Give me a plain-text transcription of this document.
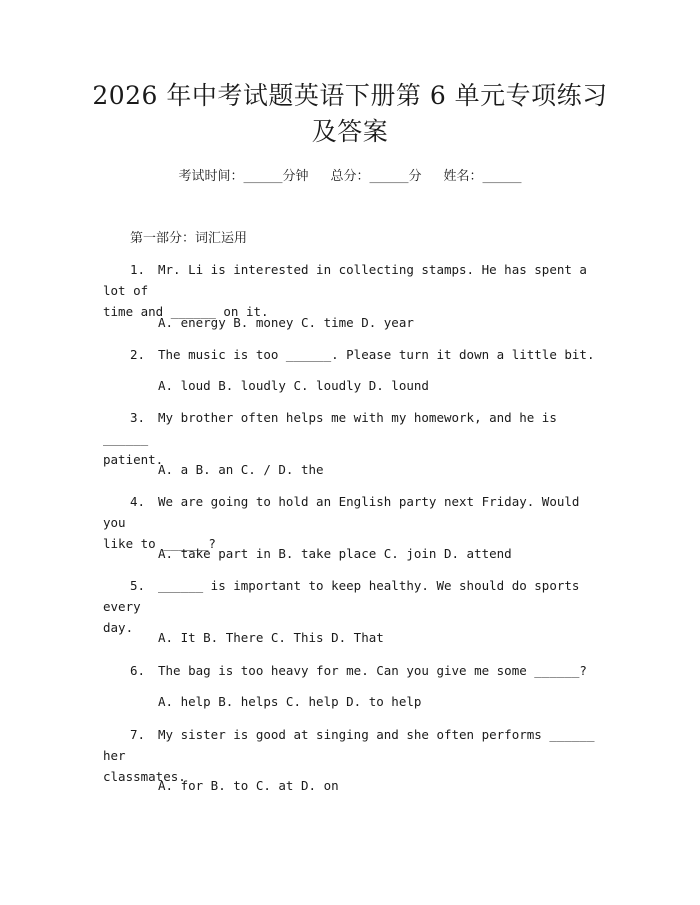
2026 年中考试题英语下册第 6 单元专项练习
及答案
考试时间：______分钟 总分：______分 姓名：______
第一部分：词汇运用
1. Mr. Li is interested in collecting stamps. He has spent a lot of
time and ______ on it.
A. energy B. money C. time D. year
2. The music is too ______. Please turn it down a little bit.
A. loud B. loudly C. loudly D. lound
3. My brother often helps me with my homework, and he is ______
patient.
A. a B. an C. / D. the
4. We are going to hold an English party next Friday. Would you
like to ______?
A. take part in B. take place C. join D. attend
5. ______ is important to keep healthy. We should do sports every
day.
A. It B. There C. This D. That
6. The bag is too heavy for me. Can you give me some ______?
A. help B. helps C. help D. to help
7. My sister is good at singing and she often performs ______ her
classmates.
A. for B. to C. at D. on
